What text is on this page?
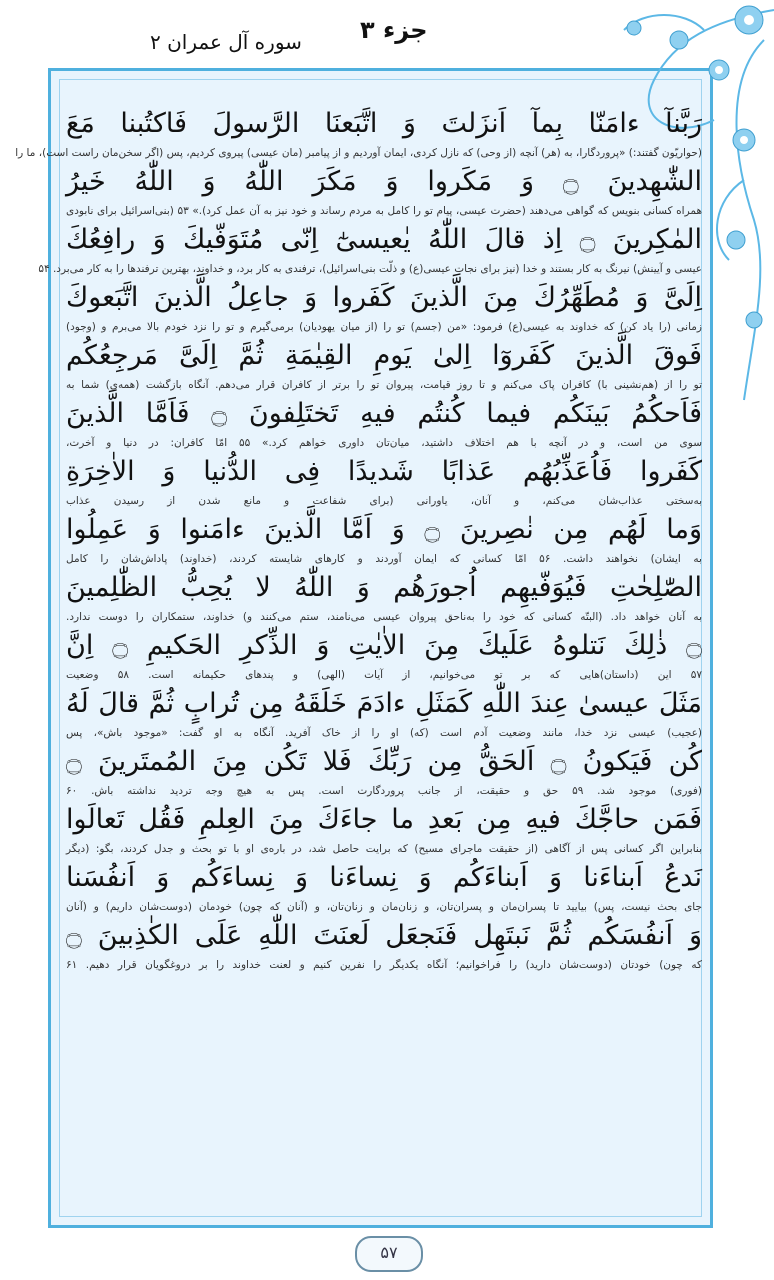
جزء ۳
سوره آل عمران ۲
رَبَّنآ ءامَنّا بِمآ اَنزَلتَ وَ اتَّبَعنَا الرَّسولَ فَاكتُبنا مَعَ
(حواریّون گفتند:) «پروردگارا، به (هر) آنچه (از وحی) که نازل کردی، ایمان آوردیم و از پیامبر (مان عیسی) پیروی کردیم، پس (اگر سخن‌مان راست است)، ما را
الشّٰهِدينَ ۝ وَ مَكَروا وَ مَكَرَ اللّٰهُ وَ اللّٰهُ خَيرُ
همراه کسانی بنویس که گواهی می‌دهند (حضرت عیسی، پیام تو را کامل به مردم رساند و خود نیز به آن عمل کرد).» ۵۳ (بنی‌اسرائیل برای نابودی
المٰكِرينَ ۝ اِذ قالَ اللّٰهُ يٰعيسىٰٓ اِنّى مُتَوَفّيكَ وَ رافِعُكَ
عیسی و آیینش) نیرنگ به کار بستند و خدا (نیز برای نجات عیسی(ع) و ذلّت بنی‌اسرائیل)، ترفندی به کار برد، و خداوند، بهترین ترفندها را به کار می‌برد. ۵۴
اِلَىَّ وَ مُطَهِّرُكَ مِنَ الَّذينَ كَفَروا وَ جاعِلُ الَّذينَ اتَّبَعوكَ
زمانی (را یاد کن) که خداوند به عیسی(ع) فرمود: «من (جسم) تو را (از میان یهودیان) برمی‌گیرم و تو را نزد خودم بالا می‌برم و (وجود)
فَوقَ الَّذينَ كَفَروٓا اِلىٰ يَومِ القِيٰمَةِ ثُمَّ اِلَىَّ مَرجِعُكُم
تو را از (هم‌نشینی با) کافران پاک می‌کنم و تا روز قیامت، پیروان تو را برتر از کافران قرار می‌دهم. آنگاه بازگشت (همه‌ی) شما به
فَاَحكُمُ بَينَكُم فيما كُنتُم فيهِ تَختَلِفونَ ۝ فَاَمَّا الَّذينَ
سوی من است، و در آنچه با هم اختلاف داشتید، میان‌تان داوری خواهم کرد.» ۵۵ امّا کافران: در دنیا و آخرت،
كَفَروا فَاُعَذِّبُهُم عَذابًا شَديدًا فِى الدُّنيا وَ الاٰخِرَةِ
به‌سختی عذاب‌شان می‌کنم، و آنان، یاورانی (برای شفاعت و مانع شدن از رسیدن عذاب
وَما لَهُم مِن نٰصِرينَ ۝ وَ اَمَّا الَّذينَ ءامَنوا وَ عَمِلُوا
به ایشان) نخواهند داشت. ۵۶ امّا کسانی که ایمان آوردند و کارهای شایسته کردند، (خداوند) پاداش‌شان را کامل
الصّٰلِحٰتِ فَيُوَفّيهِم اُجورَهُم وَ اللّٰهُ لا يُحِبُّ الظّٰلِمينَ
به آنان خواهد داد. (البتّه کسانی که خود را به‌ناحق پیروان عیسی می‌نامند، ستم می‌کنند و) خداوند، ستمکاران را دوست ندارد.
۝ ذٰلِكَ نَتلوهُ عَلَيكَ مِنَ الاٰيٰتِ وَ الذِّكرِ الحَكيمِ ۝ اِنَّ
۵۷ این (داستان)هایی که بر تو می‌خوانیم، از آیات (الهی) و پندهای حکیمانه است. ۵۸ وضعیت
مَثَلَ عيسىٰ عِندَ اللّٰهِ كَمَثَلِ ءادَمَ خَلَقَهُ مِن تُرابٍ ثُمَّ قالَ لَهُ
(عجیب) عیسی نزد خدا، مانند وضعیت آدم است (که) او را از خاک آفرید. آنگاه به او گفت: «موجود باش»، پس
كُن فَيَكونُ ۝ اَلحَقُّ مِن رَبِّكَ فَلا تَكُن مِنَ المُمتَرينَ ۝
(فوری) موجود شد. ۵۹ حق و حقیقت، از جانب پروردگارت است. پس به هیچ وجه تردید نداشته باش. ۶۰
فَمَن حاجَّكَ فيهِ مِن بَعدِ ما جاءَكَ مِنَ العِلمِ فَقُل تَعالَوا
بنابراین اگر کسانی پس از آگاهی (از حقیقت ماجرای مسیح) که برایت حاصل شد، در باره‌ی او با تو بحث و جدل کردند، بگو: (دیگر
نَدعُ اَبناءَنا وَ اَبناءَكُم وَ نِساءَنا وَ نِساءَكُم وَ اَنفُسَنا
جای بحث نیست، پس) بیایید تا پسران‌مان و پسران‌تان، و زنان‌مان و زنان‌تان، و (آنان که چون) خودمان (دوست‌شان داریم) و (آنان
وَ اَنفُسَكُم ثُمَّ نَبتَهِل فَنَجعَل لَعنَتَ اللّٰهِ عَلَى الكٰذِبينَ ۝
که چون) خودتان (دوست‌شان دارید) را فراخوانیم؛ آنگاه یکدیگر را نفرین کنیم و لعنت خداوند را بر دروغگویان قرار دهیم. ۶۱
۵۷
